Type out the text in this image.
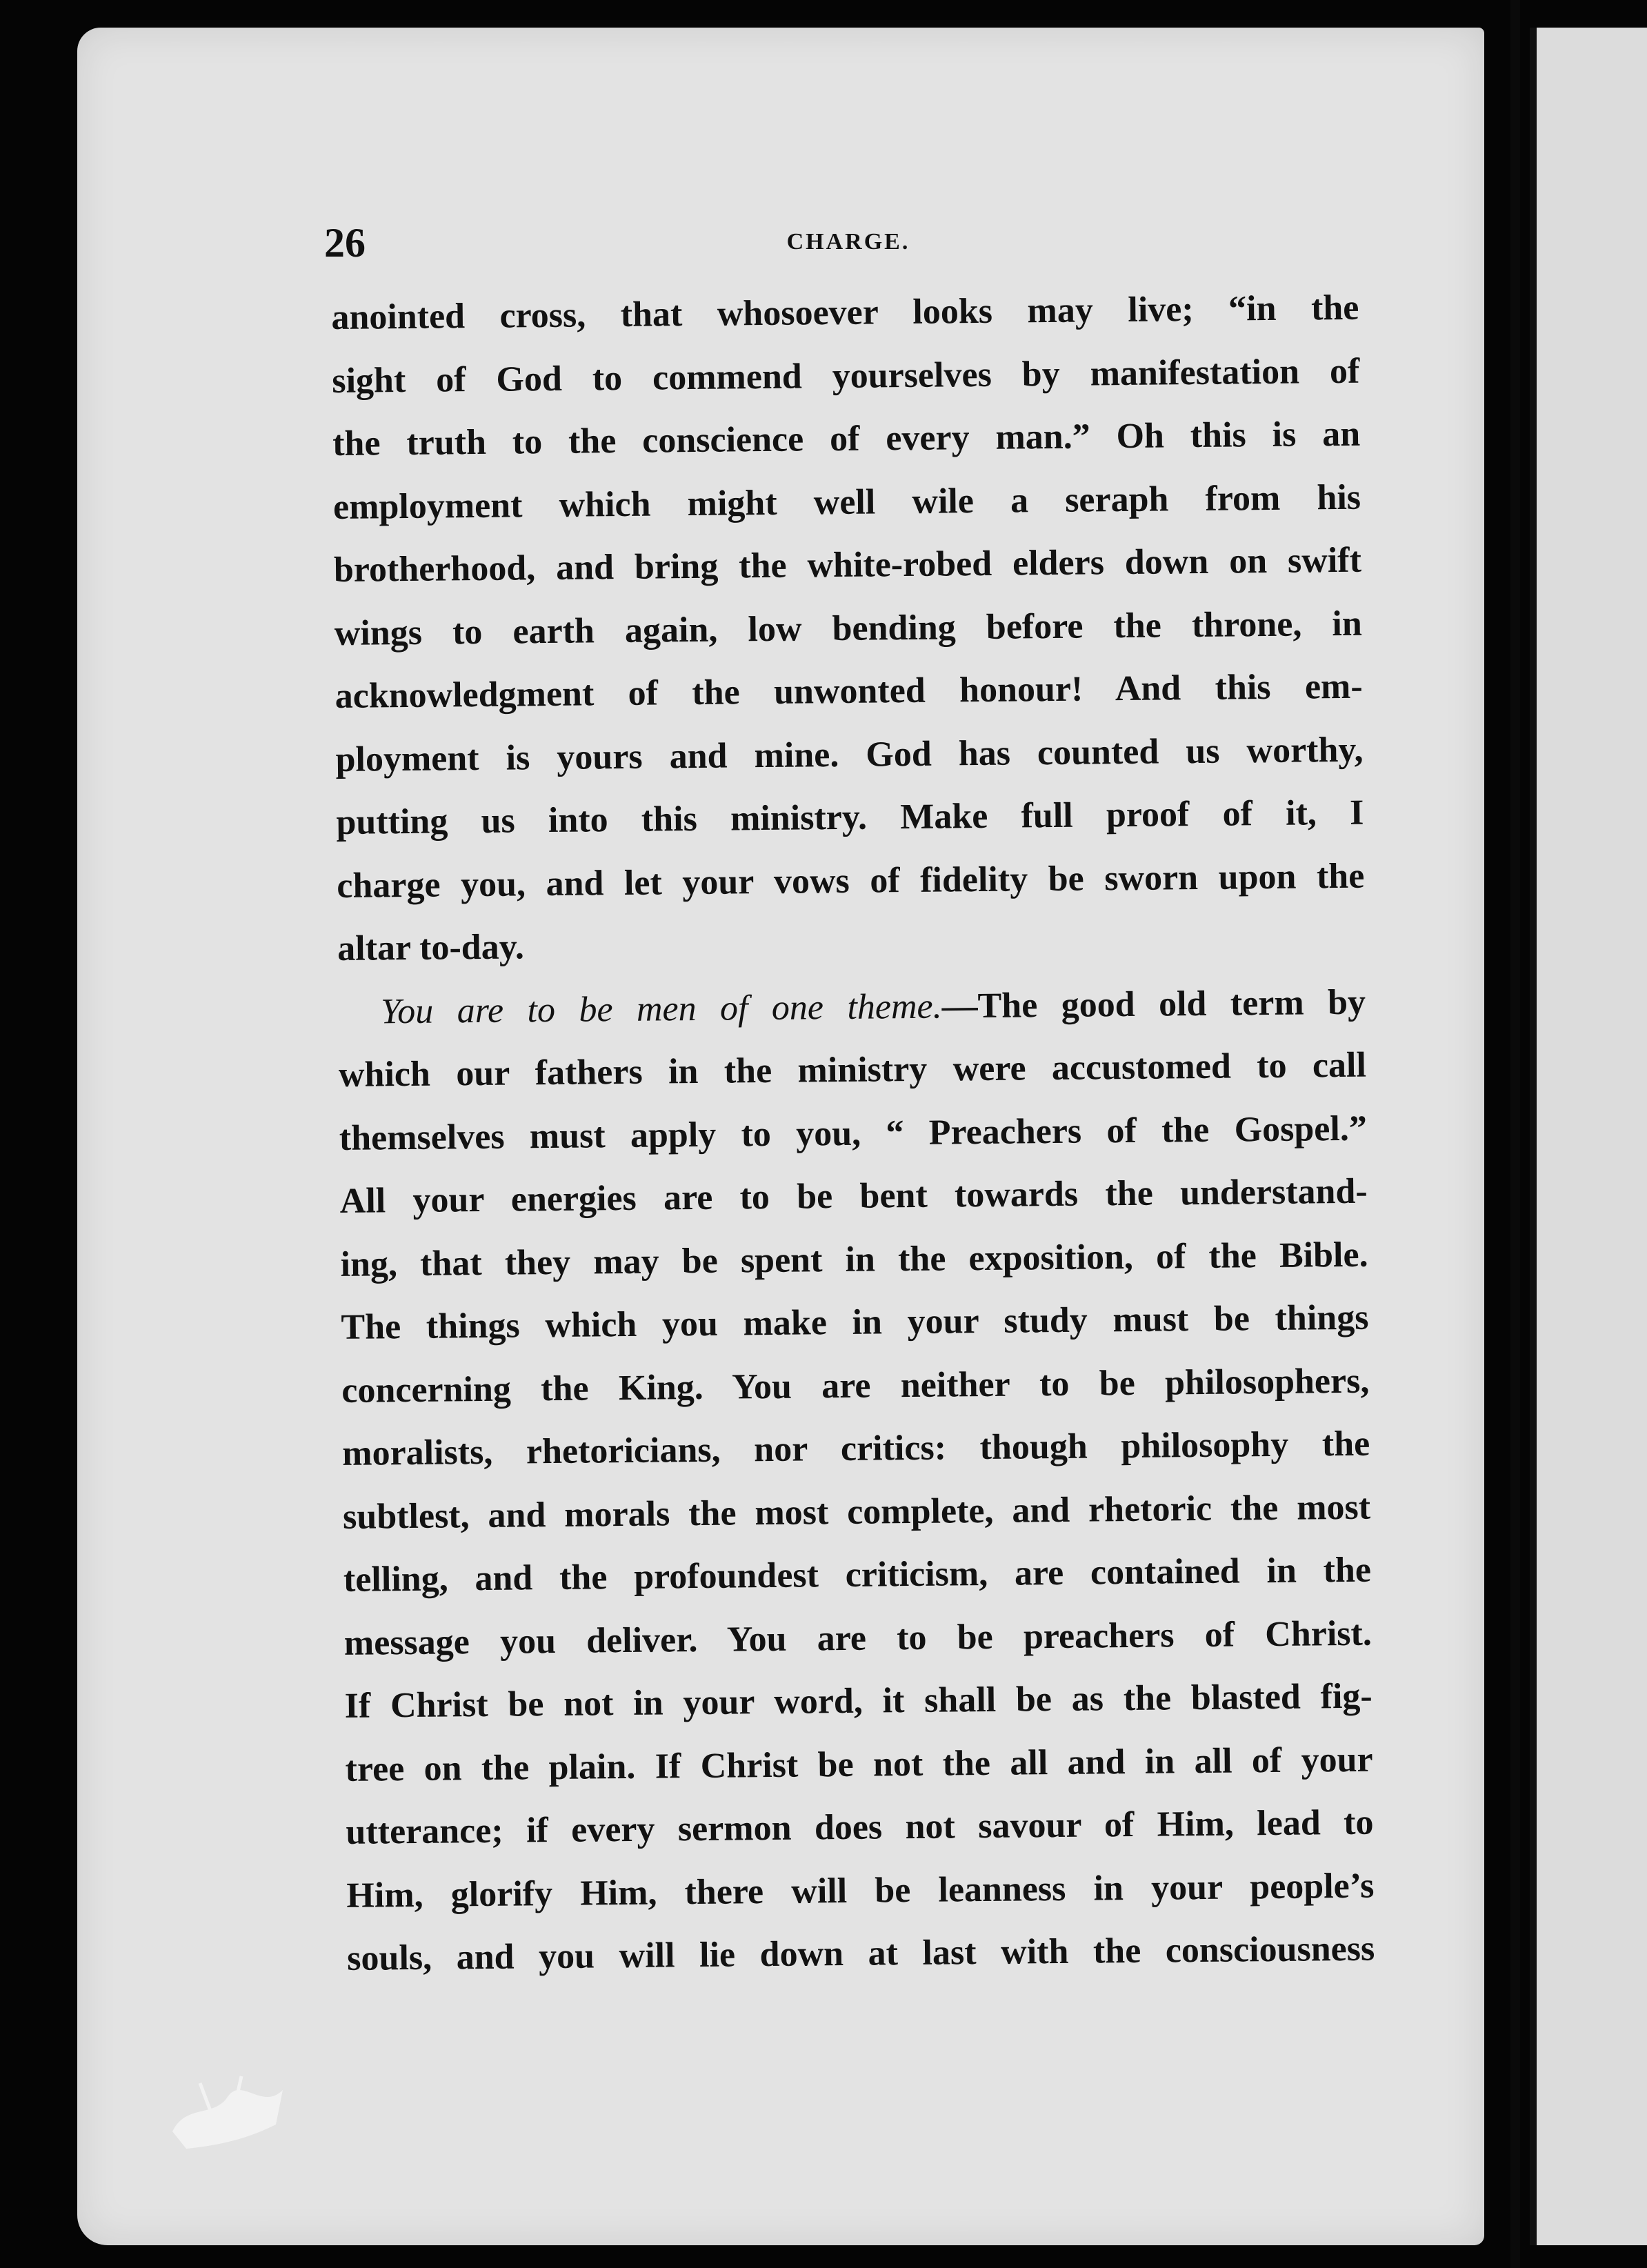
26	CHARGE.
anointed cross, that whosoever looks may live; “in the
sight of God to commend yourselves by manifestation of
the truth to the conscience of every man.” Oh this is an
employment which might well wile a seraph from his
brotherhood, and bring the white-robed elders down on swift
wings to earth again, low bending before the throne, in
acknowledgment of the unwonted honour! And this em-
ployment is yours and mine. God has counted us worthy,
putting us into this ministry. Make full proof of it, I
charge you, and let your vows of fidelity be sworn upon the
altar to-day.
You are to be men of one theme.—The good old term by
which our fathers in the ministry were accustomed to call
themselves must apply to you, “ Preachers of the Gospel.”
All your energies are to be bent towards the understand-
ing, that they may be spent in the exposition, of the Bible.
The things which you make in your study must be things
concerning the King. You are neither to be philosophers,
moralists, rhetoricians, nor critics: though philosophy the
subtlest, and morals the most complete, and rhetoric the most
telling, and the profoundest criticism, are contained in the
message you deliver. You are to be preachers of Christ.
If Christ be not in your word, it shall be as the blasted fig-
tree on the plain. If Christ be not the all and in all of your
utterance; if every sermon does not savour of Him, lead to
Him, glorify Him, there will be leanness in your people’s
souls, and you will lie down at last with the consciousness
